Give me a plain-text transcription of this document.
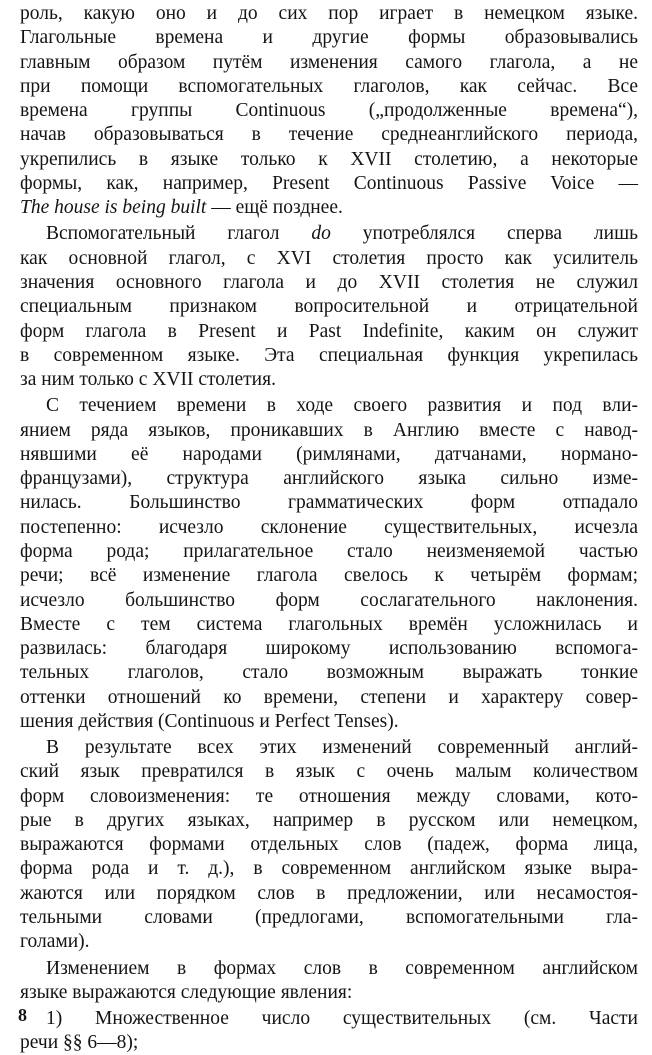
роль, какую оно и до сих пор играет в немецком языке.
Глагольные времена и другие формы образовывались
главным образом путём изменения самого глагола, а не
при помощи вспомогательных глаголов, как сейчас. Все
времена группы Continuous („продолженные времена“),
начав образовываться в течение среднеанглийского периода,
укрепились в языке только к XVII столетию, а некоторые
формы, как, например, Present Continuous Passive Voice —
The house is being built — ещё позднее.
Вспомогательный глагол do употреблялся сперва лишь
как основной глагол, с XVI столетия просто как усилитель
значения основного глагола и до XVII столетия не служил
специальным признаком вопросительной и отрицательной
форм глагола в Present и Past Indefinite, каким он служит
в современном языке. Эта специальная функция укрепилась
за ним только с XVII столетия.
С течением времени в ходе своего развития и под вли-
янием ряда языков, проникавших в Англию вместе с навод-
нявшими её народами (римлянами, датчанами, нормано-
французами), структура английского языка сильно изме-
нилась. Большинство грамматических форм отпадало
постепенно: исчезло склонение существительных, исчезла
форма рода; прилагательное стало неизменяемой частью
речи; всё изменение глагола свелось к четырём формам;
исчезло большинство форм сослагательного наклонения.
Вместе с тем система глагольных времён усложнилась и
развилась: благодаря широкому использованию вспомога-
тельных глаголов, стало возможным выражать тонкие
оттенки отношений ко времени, степени и характеру совер-
шения действия (Continuous и Perfect Tenses).
В результате всех этих изменений современный англий-
ский язык превратился в язык с очень малым количеством
форм словоизменения: те отношения между словами, кото-
рые в других языках, например в русском или немецком,
выражаются формами отдельных слов (падеж, форма лица,
форма рода и т. д.), в современном английском языке выра-
жаются или порядком слов в предложении, или несамостоя-
тельными словами (предлогами, вспомогательными гла-
голами).
Изменением в формах слов в современном английском
языке выражаются следующие явления:
1) Множественное число существительных (см. Части
речи §§ 6—8);
8
